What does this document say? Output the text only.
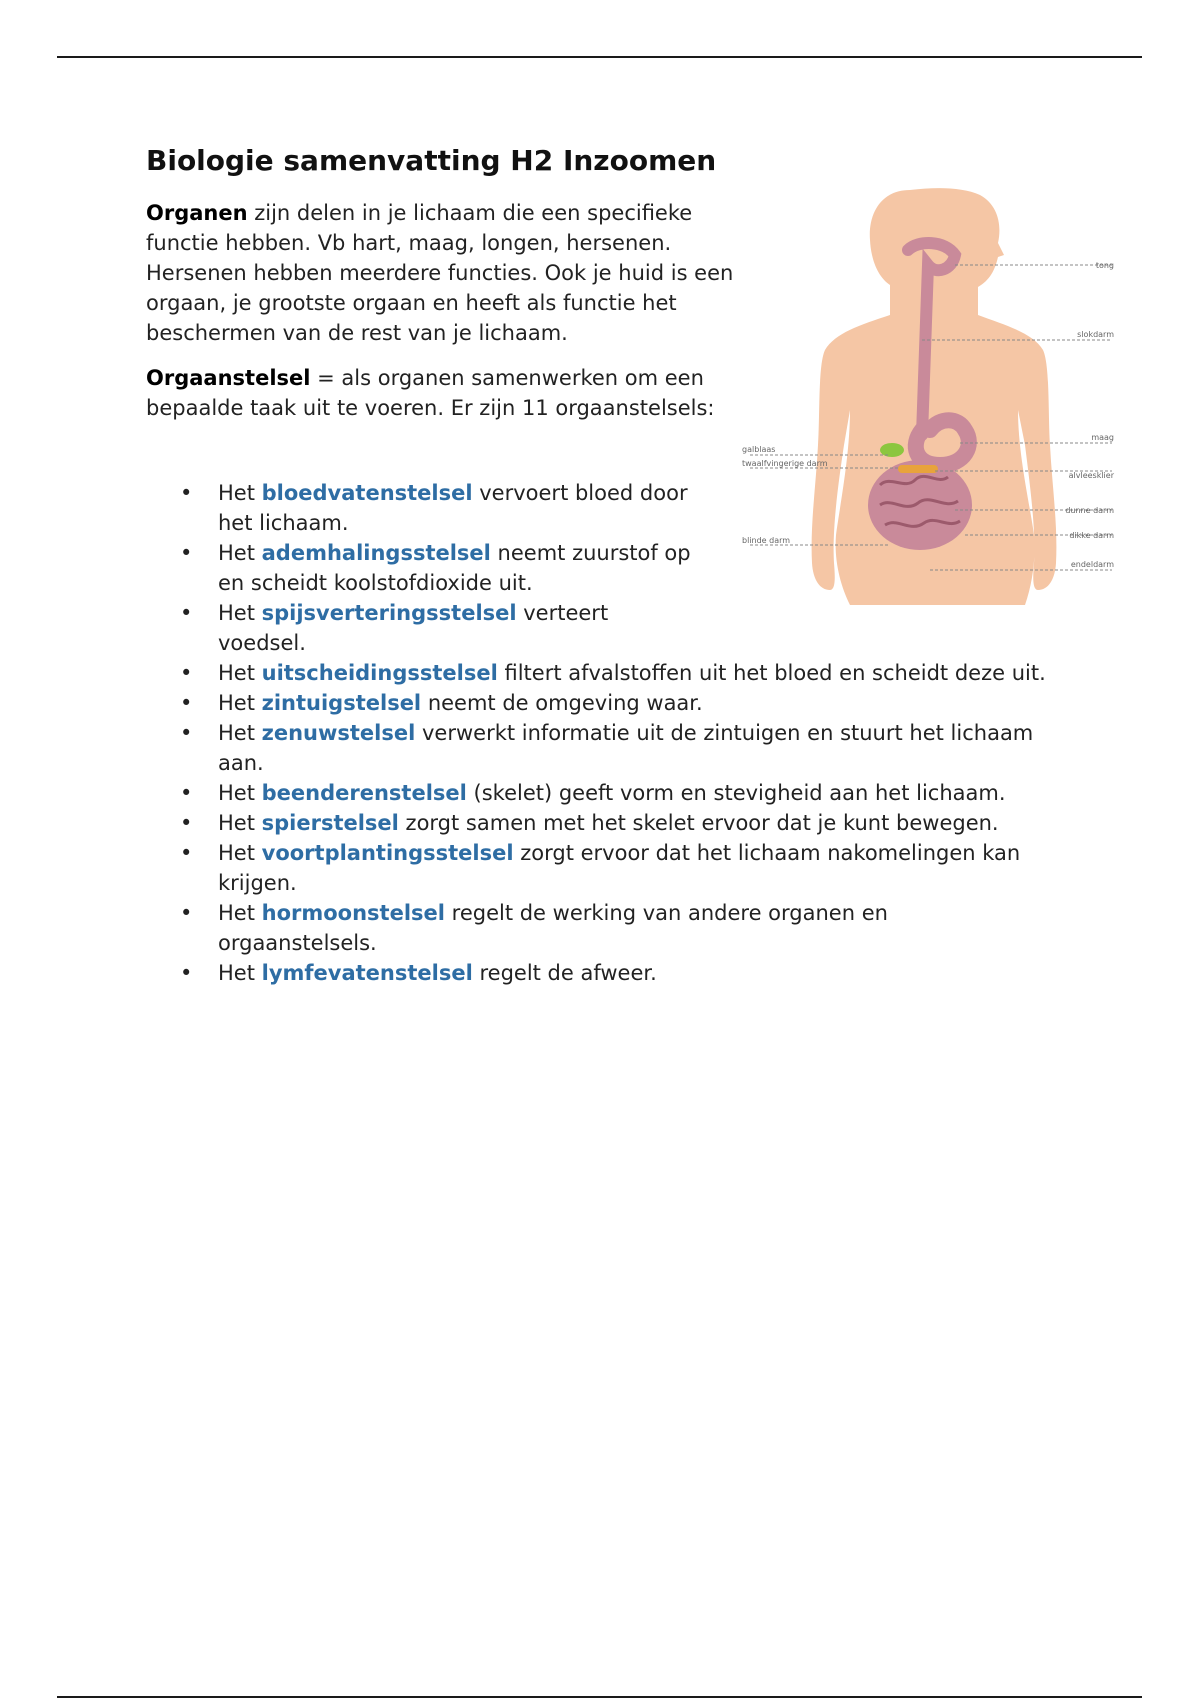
Biologie samenvatting H2 Inzoomen

Organen zijn delen in je lichaam die een specifieke functie hebben. Vb hart, maag, longen, hersenen. Hersenen hebben meerdere functies. Ook je huid is een orgaan, je grootste orgaan en heeft als functie het beschermen van de rest van je lichaam.

Orgaanstelsel = als organen samenwerken om een bepaalde taak uit te voeren. Er zijn 11 orgaanstelsels:

• Het bloedvatenstelsel vervoert bloed door het lichaam.
• Het ademhalingsstelsel neemt zuurstof op en scheidt koolstofdioxide uit.
• Het spijsverteringsstelsel verteert voedsel.
• Het uitscheidingsstelsel filtert afvalstoffen uit het bloed en scheidt deze uit.
• Het zintuigstelsel neemt de omgeving waar.
• Het zenuwstelsel verwerkt informatie uit de zintuigen en stuurt het lichaam aan.
• Het beenderenstelsel (skelet) geeft vorm en stevigheid aan het lichaam.
• Het spierstelsel zorgt samen met het skelet ervoor dat je kunt bewegen.
• Het voortplantingsstelsel zorgt ervoor dat het lichaam nakomelingen kan krijgen.
• Het hormoonstelsel regelt de werking van andere organen en orgaanstelsels.
• Het lymfevatenstelsel regelt de afweer.
tong
slokdarm
maag
alvleesklier
dunne darm
dikke darm
endeldarm
galblaas
twaalfvingerige darm
blinde darm
